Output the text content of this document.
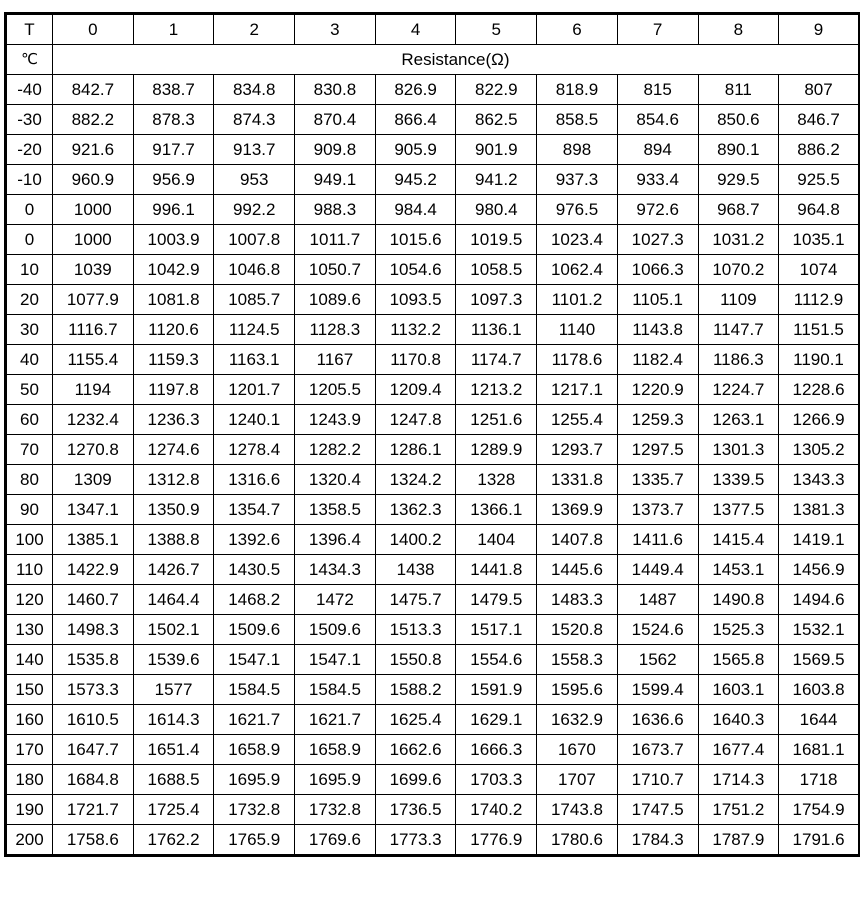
T	0	1	2	3	4	5	6	7	8	9
℃	Resistance(Ω)									
-40	842.7	838.7	834.8	830.8	826.9	822.9	818.9	815	811	807
-30	882.2	878.3	874.3	870.4	866.4	862.5	858.5	854.6	850.6	846.7
-20	921.6	917.7	913.7	909.8	905.9	901.9	898	894	890.1	886.2
-10	960.9	956.9	953	949.1	945.2	941.2	937.3	933.4	929.5	925.5
0	1000	996.1	992.2	988.3	984.4	980.4	976.5	972.6	968.7	964.8
0	1000	1003.9	1007.8	1011.7	1015.6	1019.5	1023.4	1027.3	1031.2	1035.1
10	1039	1042.9	1046.8	1050.7	1054.6	1058.5	1062.4	1066.3	1070.2	1074
20	1077.9	1081.8	1085.7	1089.6	1093.5	1097.3	1101.2	1105.1	1109	1112.9
30	1116.7	1120.6	1124.5	1128.3	1132.2	1136.1	1140	1143.8	1147.7	1151.5
40	1155.4	1159.3	1163.1	1167	1170.8	1174.7	1178.6	1182.4	1186.3	1190.1
50	1194	1197.8	1201.7	1205.5	1209.4	1213.2	1217.1	1220.9	1224.7	1228.6
60	1232.4	1236.3	1240.1	1243.9	1247.8	1251.6	1255.4	1259.3	1263.1	1266.9
70	1270.8	1274.6	1278.4	1282.2	1286.1	1289.9	1293.7	1297.5	1301.3	1305.2
80	1309	1312.8	1316.6	1320.4	1324.2	1328	1331.8	1335.7	1339.5	1343.3
90	1347.1	1350.9	1354.7	1358.5	1362.3	1366.1	1369.9	1373.7	1377.5	1381.3
100	1385.1	1388.8	1392.6	1396.4	1400.2	1404	1407.8	1411.6	1415.4	1419.1
110	1422.9	1426.7	1430.5	1434.3	1438	1441.8	1445.6	1449.4	1453.1	1456.9
120	1460.7	1464.4	1468.2	1472	1475.7	1479.5	1483.3	1487	1490.8	1494.6
130	1498.3	1502.1	1509.6	1509.6	1513.3	1517.1	1520.8	1524.6	1525.3	1532.1
140	1535.8	1539.6	1547.1	1547.1	1550.8	1554.6	1558.3	1562	1565.8	1569.5
150	1573.3	1577	1584.5	1584.5	1588.2	1591.9	1595.6	1599.4	1603.1	1603.8
160	1610.5	1614.3	1621.7	1621.7	1625.4	1629.1	1632.9	1636.6	1640.3	1644
170	1647.7	1651.4	1658.9	1658.9	1662.6	1666.3	1670	1673.7	1677.4	1681.1
180	1684.8	1688.5	1695.9	1695.9	1699.6	1703.3	1707	1710.7	1714.3	1718
190	1721.7	1725.4	1732.8	1732.8	1736.5	1740.2	1743.8	1747.5	1751.2	1754.9
200	1758.6	1762.2	1765.9	1769.6	1773.3	1776.9	1780.6	1784.3	1787.9	1791.6
